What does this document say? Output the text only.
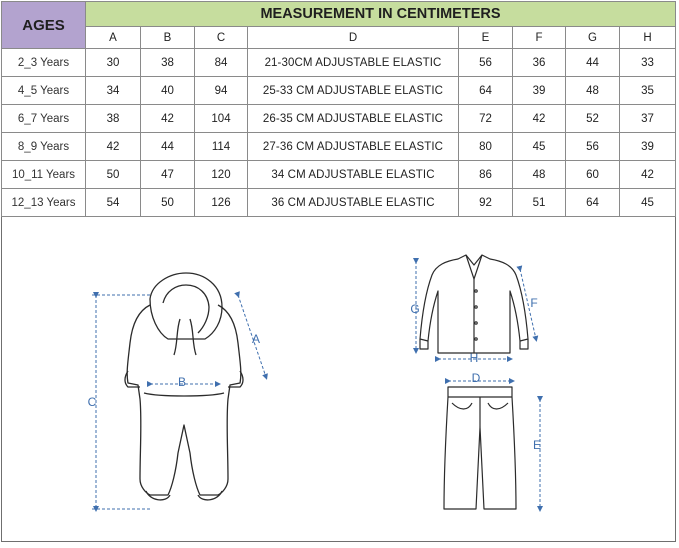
AGES	MEASUREMENT IN CENTIMETERS							
	A	B	C	D	E	F	G	H
2_3 Years	30	38	84	21-30CM ADJUSTABLE ELASTIC	56	36	44	33
4_5 Years	34	40	94	25-33 CM ADJUSTABLE ELASTIC	64	39	48	35
6_7 Years	38	42	104	26-35 CM ADJUSTABLE ELASTIC	72	42	52	37
8_9 Years	42	44	114	27-36 CM ADJUSTABLE ELASTIC	80	45	56	39
10_11 Years	50	47	120	34 CM ADJUSTABLE ELASTIC	86	48	60	42
12_13 Years	54	50	126	36 CM ADJUSTABLE ELASTIC	92	51	64	45
C
B
A
G
H
F
D
E
